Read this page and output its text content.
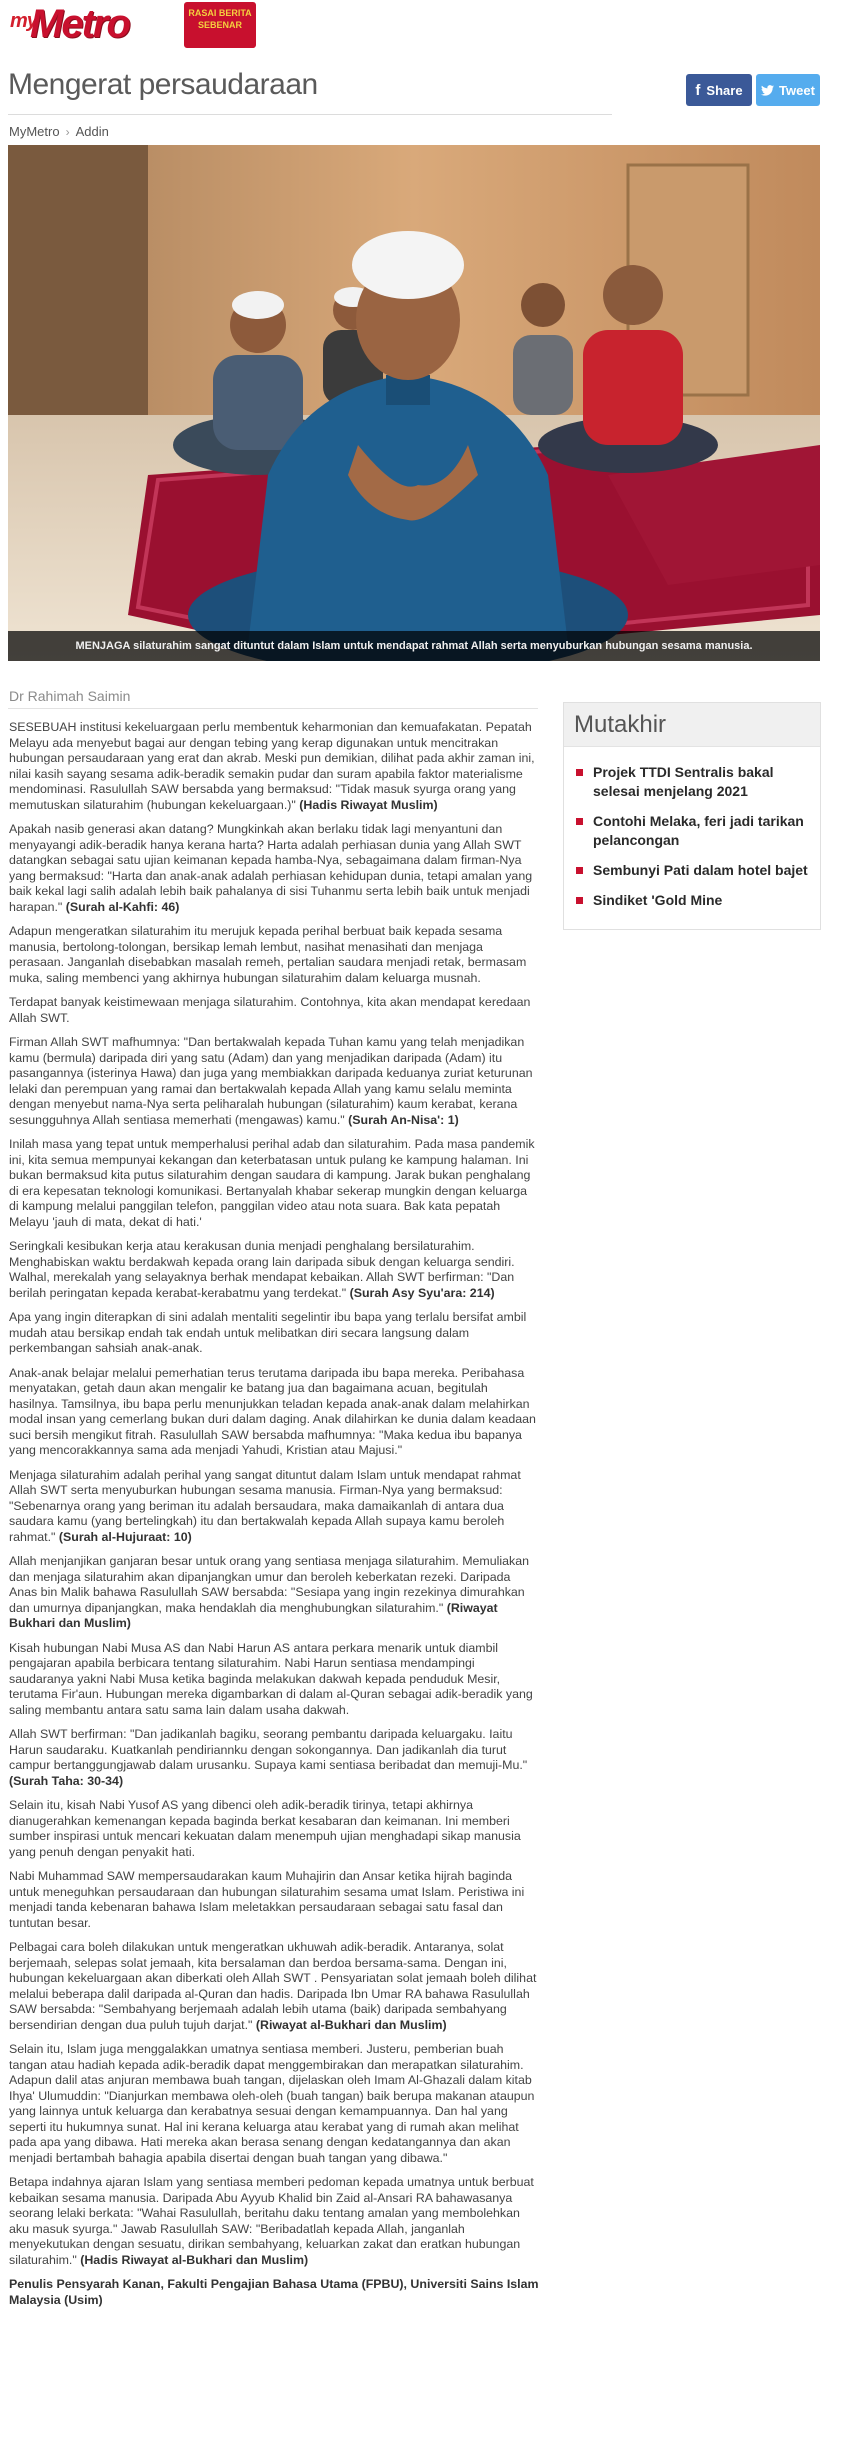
my
Metro	RASAI BERITA SEBENAR
Mengerat persaudaraan	f Share	Tweet
MyMetro › Addin
MENJAGA silaturahim sangat dituntut dalam Islam untuk mendapat rahmat Allah serta menyuburkan hubungan sesama manusia.
Dr Rahimah Saimin

SESEBUAH institusi kekeluargaan perlu membentuk keharmonian dan kemuafakatan. Pepatah Melayu ada menyebut bagai aur dengan tebing yang kerap digunakan untuk mencitrakan hubungan persaudaraan yang erat dan akrab. Meski pun demikian, dilihat pada akhir zaman ini, nilai kasih sayang sesama adik-beradik semakin pudar dan suram apabila faktor materialisme mendominasi. Rasulullah SAW bersabda yang bermaksud: "Tidak masuk syurga orang yang memutuskan silaturahim (hubungan kekeluargaan.)" (Hadis Riwayat Muslim)

Apakah nasib generasi akan datang? Mungkinkah akan berlaku tidak lagi menyantuni dan menyayangi adik-beradik hanya kerana harta? Harta adalah perhiasan dunia yang Allah SWT datangkan sebagai satu ujian keimanan kepada hamba-Nya, sebagaimana dalam firman-Nya yang bermaksud: "Harta dan anak-anak adalah perhiasan kehidupan dunia, tetapi amalan yang baik kekal lagi salih adalah lebih baik pahalanya di sisi Tuhanmu serta lebih baik untuk menjadi harapan." (Surah al-Kahfi: 46)

Adapun mengeratkan silaturahim itu merujuk kepada perihal berbuat baik kepada sesama manusia, bertolong-tolongan, bersikap lemah lembut, nasihat menasihati dan menjaga perasaan. Janganlah disebabkan masalah remeh, pertalian saudara menjadi retak, bermasam muka, saling membenci yang akhirnya hubungan silaturahim dalam keluarga musnah.

Terdapat banyak keistimewaan menjaga silaturahim. Contohnya, kita akan mendapat keredaan Allah SWT.

Firman Allah SWT mafhumnya: "Dan bertakwalah kepada Tuhan kamu yang telah menjadikan kamu (bermula) daripada diri yang satu (Adam) dan yang menjadikan daripada (Adam) itu pasangannya (isterinya Hawa) dan juga yang membiakkan daripada keduanya zuriat keturunan lelaki dan perempuan yang ramai dan bertakwalah kepada Allah yang kamu selalu meminta dengan menyebut nama-Nya serta peliharalah hubungan (silaturahim) kaum kerabat, kerana sesungguhnya Allah sentiasa memerhati (mengawas) kamu." (Surah An-Nisa': 1)

Inilah masa yang tepat untuk memperhalusi perihal adab dan silaturahim. Pada masa pandemik ini, kita semua mempunyai kekangan dan keterbatasan untuk pulang ke kampung halaman. Ini bukan bermaksud kita putus silaturahim dengan saudara di kampung. Jarak bukan penghalang di era kepesatan teknologi komunikasi. Bertanyalah khabar sekerap mungkin dengan keluarga di kampung melalui panggilan telefon, panggilan video atau nota suara. Bak kata pepatah Melayu 'jauh di mata, dekat di hati.'

Seringkali kesibukan kerja atau kerakusan dunia menjadi penghalang bersilaturahim. Menghabiskan waktu berdakwah kepada orang lain daripada sibuk dengan keluarga sendiri. Walhal, merekalah yang selayaknya berhak mendapat kebaikan. Allah SWT berfirman: "Dan berilah peringatan kepada kerabat-kerabatmu yang terdekat." (Surah Asy Syu'ara: 214)

Apa yang ingin diterapkan di sini adalah mentaliti segelintir ibu bapa yang terlalu bersifat ambil mudah atau bersikap endah tak endah untuk melibatkan diri secara langsung dalam perkembangan sahsiah anak-anak.

Anak-anak belajar melalui pemerhatian terus terutama daripada ibu bapa mereka. Peribahasa menyatakan, getah daun akan mengalir ke batang jua dan bagaimana acuan, begitulah hasilnya. Tamsilnya, ibu bapa perlu menunjukkan teladan kepada anak-anak dalam melahirkan modal insan yang cemerlang bukan duri dalam daging. Anak dilahirkan ke dunia dalam keadaan suci bersih mengikut fitrah. Rasulullah SAW bersabda mafhumnya: "Maka kedua ibu bapanya yang mencorakkannya sama ada menjadi Yahudi, Kristian atau Majusi."

Menjaga silaturahim adalah perihal yang sangat dituntut dalam Islam untuk mendapat rahmat Allah SWT serta menyuburkan hubungan sesama manusia. Firman-Nya yang bermaksud: "Sebenarnya orang yang beriman itu adalah bersaudara, maka damaikanlah di antara dua saudara kamu (yang bertelingkah) itu dan bertakwalah kepada Allah supaya kamu beroleh rahmat." (Surah al-Hujuraat: 10)

Allah menjanjikan ganjaran besar untuk orang yang sentiasa menjaga silaturahim. Memuliakan dan menjaga silaturahim akan dipanjangkan umur dan beroleh keberkatan rezeki. Daripada Anas bin Malik bahawa Rasulullah SAW bersabda: "Sesiapa yang ingin rezekinya dimurahkan dan umurnya dipanjangkan, maka hendaklah dia menghubungkan silaturahim." (Riwayat Bukhari dan Muslim)

Kisah hubungan Nabi Musa AS dan Nabi Harun AS antara perkara menarik untuk diambil pengajaran apabila berbicara tentang silaturahim. Nabi Harun sentiasa mendampingi saudaranya yakni Nabi Musa ketika baginda melakukan dakwah kepada penduduk Mesir, terutama Fir'aun. Hubungan mereka digambarkan di dalam al-Quran sebagai adik-beradik yang saling membantu antara satu sama lain dalam usaha dakwah.

Allah SWT berfirman: "Dan jadikanlah bagiku, seorang pembantu daripada keluargaku. Iaitu Harun saudaraku. Kuatkanlah pendiriannku dengan sokongannya. Dan jadikanlah dia turut campur bertanggungjawab dalam urusanku. Supaya kami sentiasa beribadat dan memuji-Mu." (Surah Taha: 30-34)

Selain itu, kisah Nabi Yusof AS yang dibenci oleh adik-beradik tirinya, tetapi akhirnya dianugerahkan kemenangan kepada baginda berkat kesabaran dan keimanan. Ini memberi sumber inspirasi untuk mencari kekuatan dalam menempuh ujian menghadapi sikap manusia yang penuh dengan penyakit hati.

Nabi Muhammad SAW mempersaudarakan kaum Muhajirin dan Ansar ketika hijrah baginda untuk meneguhkan persaudaraan dan hubungan silaturahim sesama umat Islam. Peristiwa ini menjadi tanda kebenaran bahawa Islam meletakkan persaudaraan sebagai satu fasal dan tuntutan besar.

Pelbagai cara boleh dilakukan untuk mengeratkan ukhuwah adik-beradik. Antaranya, solat berjemaah, selepas solat jemaah, kita bersalaman dan berdoa bersama-sama. Dengan ini, hubungan kekeluargaan akan diberkati oleh Allah SWT . Pensyariatan solat jemaah boleh dilihat melalui beberapa dalil daripada al-Quran dan hadis. Daripada Ibn Umar RA bahawa Rasulullah SAW bersabda: "Sembahyang berjemaah adalah lebih utama (baik) daripada sembahyang bersendirian dengan dua puluh tujuh darjat." (Riwayat al-Bukhari dan Muslim)

Selain itu, Islam juga menggalakkan umatnya sentiasa memberi. Justeru, pemberian buah tangan atau hadiah kepada adik-beradik dapat menggembirakan dan merapatkan silaturahim. Adapun dalil atas anjuran membawa buah tangan, dijelaskan oleh Imam Al-Ghazali dalam kitab Ihya' Ulumuddin: "Dianjurkan membawa oleh-oleh (buah tangan) baik berupa makanan ataupun yang lainnya untuk keluarga dan kerabatnya sesuai dengan kemampuannya. Dan hal yang seperti itu hukumnya sunat. Hal ini kerana keluarga atau kerabat yang di rumah akan melihat pada apa yang dibawa. Hati mereka akan berasa senang dengan kedatangannya dan akan menjadi bertambah bahagia apabila disertai dengan buah tangan yang dibawa."

Betapa indahnya ajaran Islam yang sentiasa memberi pedoman kepada umatnya untuk berbuat kebaikan sesama manusia. Daripada Abu Ayyub Khalid bin Zaid al-Ansari RA bahawasanya seorang lelaki berkata: "Wahai Rasulullah, beritahu daku tentang amalan yang membolehkan aku masuk syurga." Jawab Rasulullah SAW: "Beribadatlah kepada Allah, janganlah menyekutukan dengan sesuatu, dirikan sembahyang, keluarkan zakat dan eratkan hubungan silaturahim." (Hadis Riwayat al-Bukhari dan Muslim)

Penulis Pensyarah Kanan, Fakulti Pengajian Bahasa Utama (FPBU), Universiti Sains Islam Malaysia (Usim)

Mutakhir
Projek TTDI Sentralis bakal selesai menjelang 2021
Contohi Melaka, feri jadi tarikan pelancongan
Sembunyi Pati dalam hotel bajet
Sindiket 'Gold Mine
